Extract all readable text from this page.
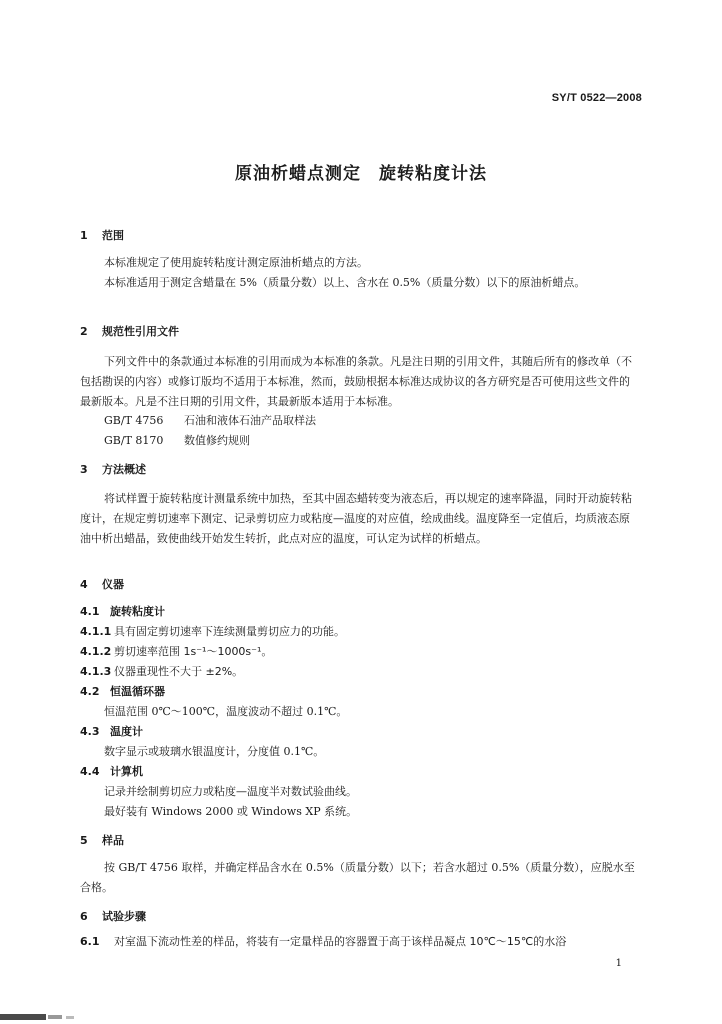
SY/T 0522—2008
原油析蜡点测定 旋转粘度计法
1 范围

本标准规定了使用旋转粘度计测定原油析蜡点的方法。

本标准适用于测定含蜡量在 5%（质量分数）以上、含水在 0.5%（质量分数）以下的原油析蜡点。

2 规范性引用文件

下列文件中的条款通过本标准的引用而成为本标准的条款。凡是注日期的引用文件，其随后所有的修改单（不包括勘误的内容）或修订版均不适用于本标准，然而，鼓励根据本标准达成协议的各方研究是否可使用这些文件的最新版本。凡是不注日期的引用文件，其最新版本适用于本标准。

GB/T 4756 石油和液体石油产品取样法

GB/T 8170 数值修约规则

3 方法概述

将试样置于旋转粘度计测量系统中加热，至其中固态蜡转变为液态后，再以规定的速率降温，同时开动旋转粘度计，在规定剪切速率下测定、记录剪切应力或粘度—温度的对应值，绘成曲线。温度降至一定值后，均质液态原油中析出蜡晶，致使曲线开始发生转折，此点对应的温度，可认定为试样的析蜡点。

4 仪器
4.1 旋转粘度计

4.1.1 具有固定剪切速率下连续测量剪切应力的功能。

4.1.2 剪切速率范围 1s⁻¹～1000s⁻¹。

4.1.3 仪器重现性不大于 ±2%。

4.2 恒温循环器

恒温范围 0℃～100℃，温度波动不超过 0.1℃。

4.3 温度计

数字显示或玻璃水银温度计，分度值 0.1℃。

4.4 计算机

记录并绘制剪切应力或粘度—温度半对数试验曲线。

最好装有 Windows 2000 或 Windows XP 系统。

5 样品

按 GB/T 4756 取样，并确定样品含水在 0.5%（质量分数）以下；若含水超过 0.5%（质量分数），应脱水至合格。

6 试验步骤

6.1 对室温下流动性差的样品，将装有一定量样品的容器置于高于该样品凝点 10℃～15℃的水浴

1
